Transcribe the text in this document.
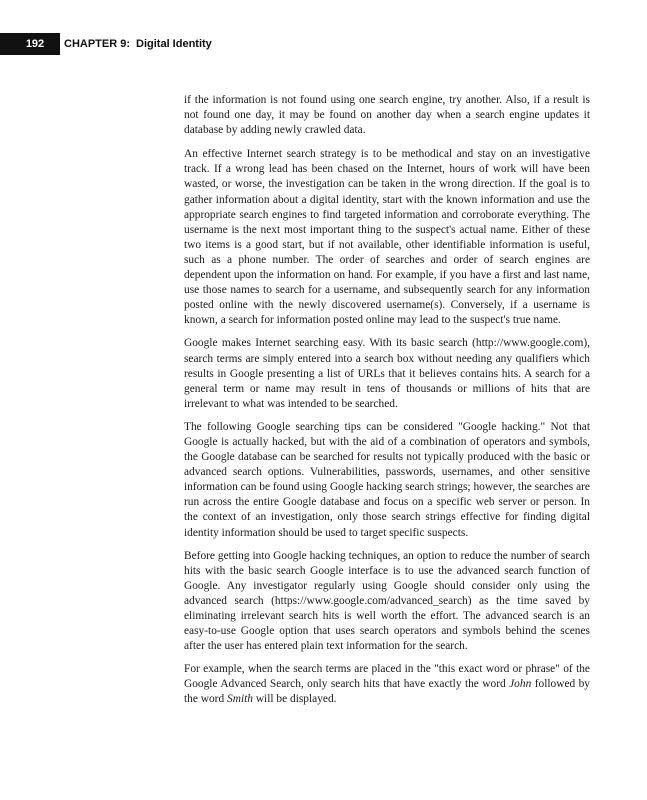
192	CHAPTER 9: Digital Identity

if the information is not found using one search engine, try another. Also, if a result is not found one day, it may be found on another day when a search engine updates it database by adding newly crawled data.

An effective Internet search strategy is to be methodical and stay on an investigative track. If a wrong lead has been chased on the Internet, hours of work will have been wasted, or worse, the investigation can be taken in the wrong direction. If the goal is to gather information about a digital identity, start with the known information and use the appropriate search engines to find targeted information and corroborate everything. The username is the next most important thing to the suspect's actual name. Either of these two items is a good start, but if not available, other identifiable information is useful, such as a phone number. The order of searches and order of search engines are dependent upon the information on hand. For example, if you have a first and last name, use those names to search for a username, and subsequently search for any information posted online with the newly discovered username(s). Conversely, if a username is known, a search for information posted online may lead to the suspect's true name.

Google makes Internet searching easy. With its basic search (http://www.google.com), search terms are simply entered into a search box without needing any qualifiers which results in Google presenting a list of URLs that it believes contains hits. A search for a general term or name may result in tens of thousands or millions of hits that are irrelevant to what was intended to be searched.

The following Google searching tips can be considered "Google hacking." Not that Google is actually hacked, but with the aid of a combination of operators and symbols, the Google database can be searched for results not typically produced with the basic or advanced search options. Vulnerabilities, passwords, usernames, and other sensitive information can be found using Google hacking search strings; however, the searches are run across the entire Google database and focus on a specific web server or person. In the context of an investigation, only those search strings effective for finding digital identity information should be used to target specific suspects.

Before getting into Google hacking techniques, an option to reduce the number of search hits with the basic search Google interface is to use the advanced search function of Google. Any investigator regularly using Google should consider only using the advanced search (https://www.google.com/advanced_search) as the time saved by eliminating irrelevant search hits is well worth the effort. The advanced search is an easy-to-use Google option that uses search operators and symbols behind the scenes after the user has entered plain text information for the search.

For example, when the search terms are placed in the "this exact word or phrase" of the Google Advanced Search, only search hits that have exactly the word John followed by the word Smith will be displayed.
